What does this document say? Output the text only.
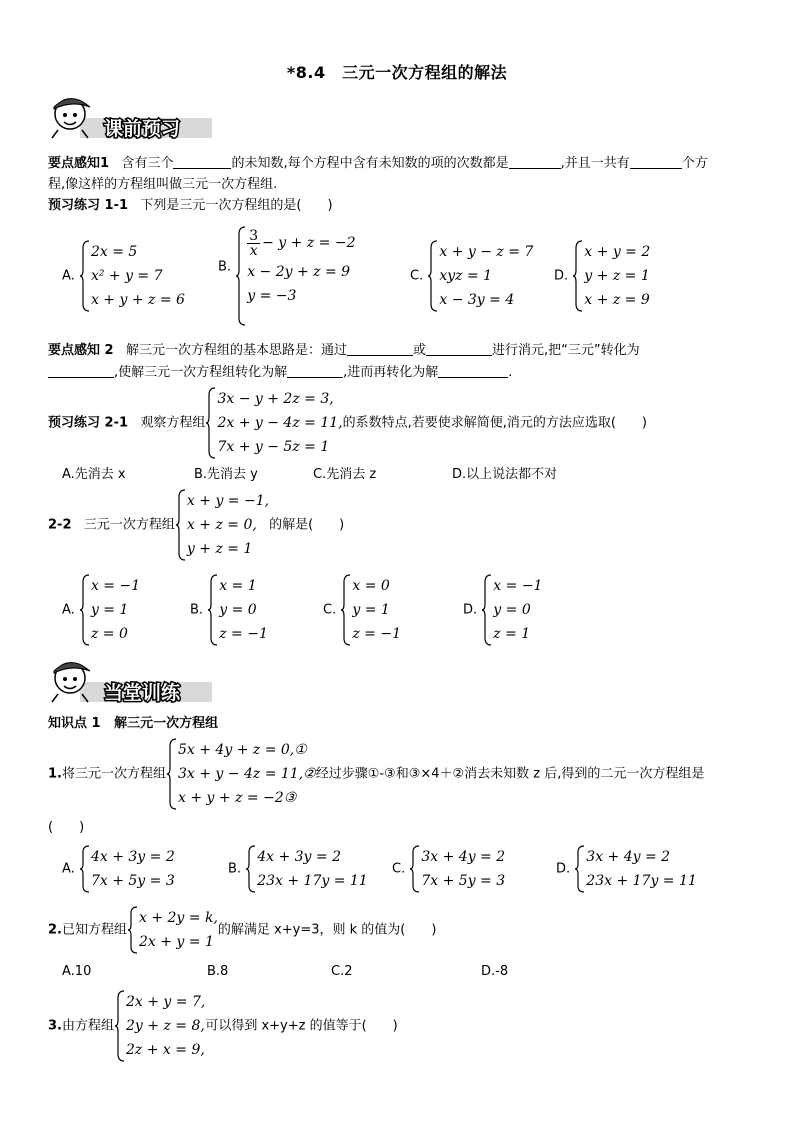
*8.4　三元一次方程组的解法
课前预习
要点感知1 含有三个	的未知数,每个方程中含有未知数的项的次数都是	,并且一共有	个方
程,像这样的方程组叫做三元一次方程组.
预习练习 1-1 下列是三元一次方程组的是(　　)
A.
2x = 5
x² + y = 7
x + y + z = 6
B.
$\frac{3}{x} - y + z = -2$
x − 2y + z = 9
y = −3
C.
x + y − z = 7
xyz = 1
x − 3y = 4
D.
x + y = 2
y + z = 1
x + z = 9
要点感知 2 解三元一次方程组的基本思路是：通过	或	进行消元,把“三元”转化为
,使解三元一次方程组转化为解	,进而再转化为解	.
预习练习 2-1 观察方程组
3x − y + 2z = 3,
2x + y − 4z = 11,
7x + y − 5z = 1
的系数特点,若要使求解简便,消元的方法应选取(　　)
A.先消去 x	B.先消去 y	C.先消去 z	D.以上说法都不对
2-2 三元一次方程组
x + y = −1,
x + z = 0,
y + z = 1
的解是(　　)
A.
x = −1
y = 1
z = 0
B.
x = 1
y = 0
z = −1
C.
x = 0
y = 1
z = −1
D.
x = −1
y = 0
z = 1
当堂训练
知识点 1 解三元一次方程组
1.将三元一次方程组
5x + 4y + z = 0,①
3x + y − 4z = 11,②
x + y + z = −2③
经过步骤①-③和③×4＋②消去未知数 z 后,得到的二元一次方程组是
(　　)
A.
4x + 3y = 2
7x + 5y = 3
B.
4x + 3y = 2
23x + 17y = 11
C.
3x + 4y = 2
7x + 5y = 3
D.
3x + 4y = 2
23x + 17y = 11
2.已知方程组
x + 2y = k,
2x + y = 1
的解满足 x+y=3，则 k 的值为(　　)
A.10	B.8	C.2	D.-8
3.由方程组
2x + y = 7,
2y + z = 8,
2z + x = 9,
可以得到 x+y+z 的值等于(　　)
